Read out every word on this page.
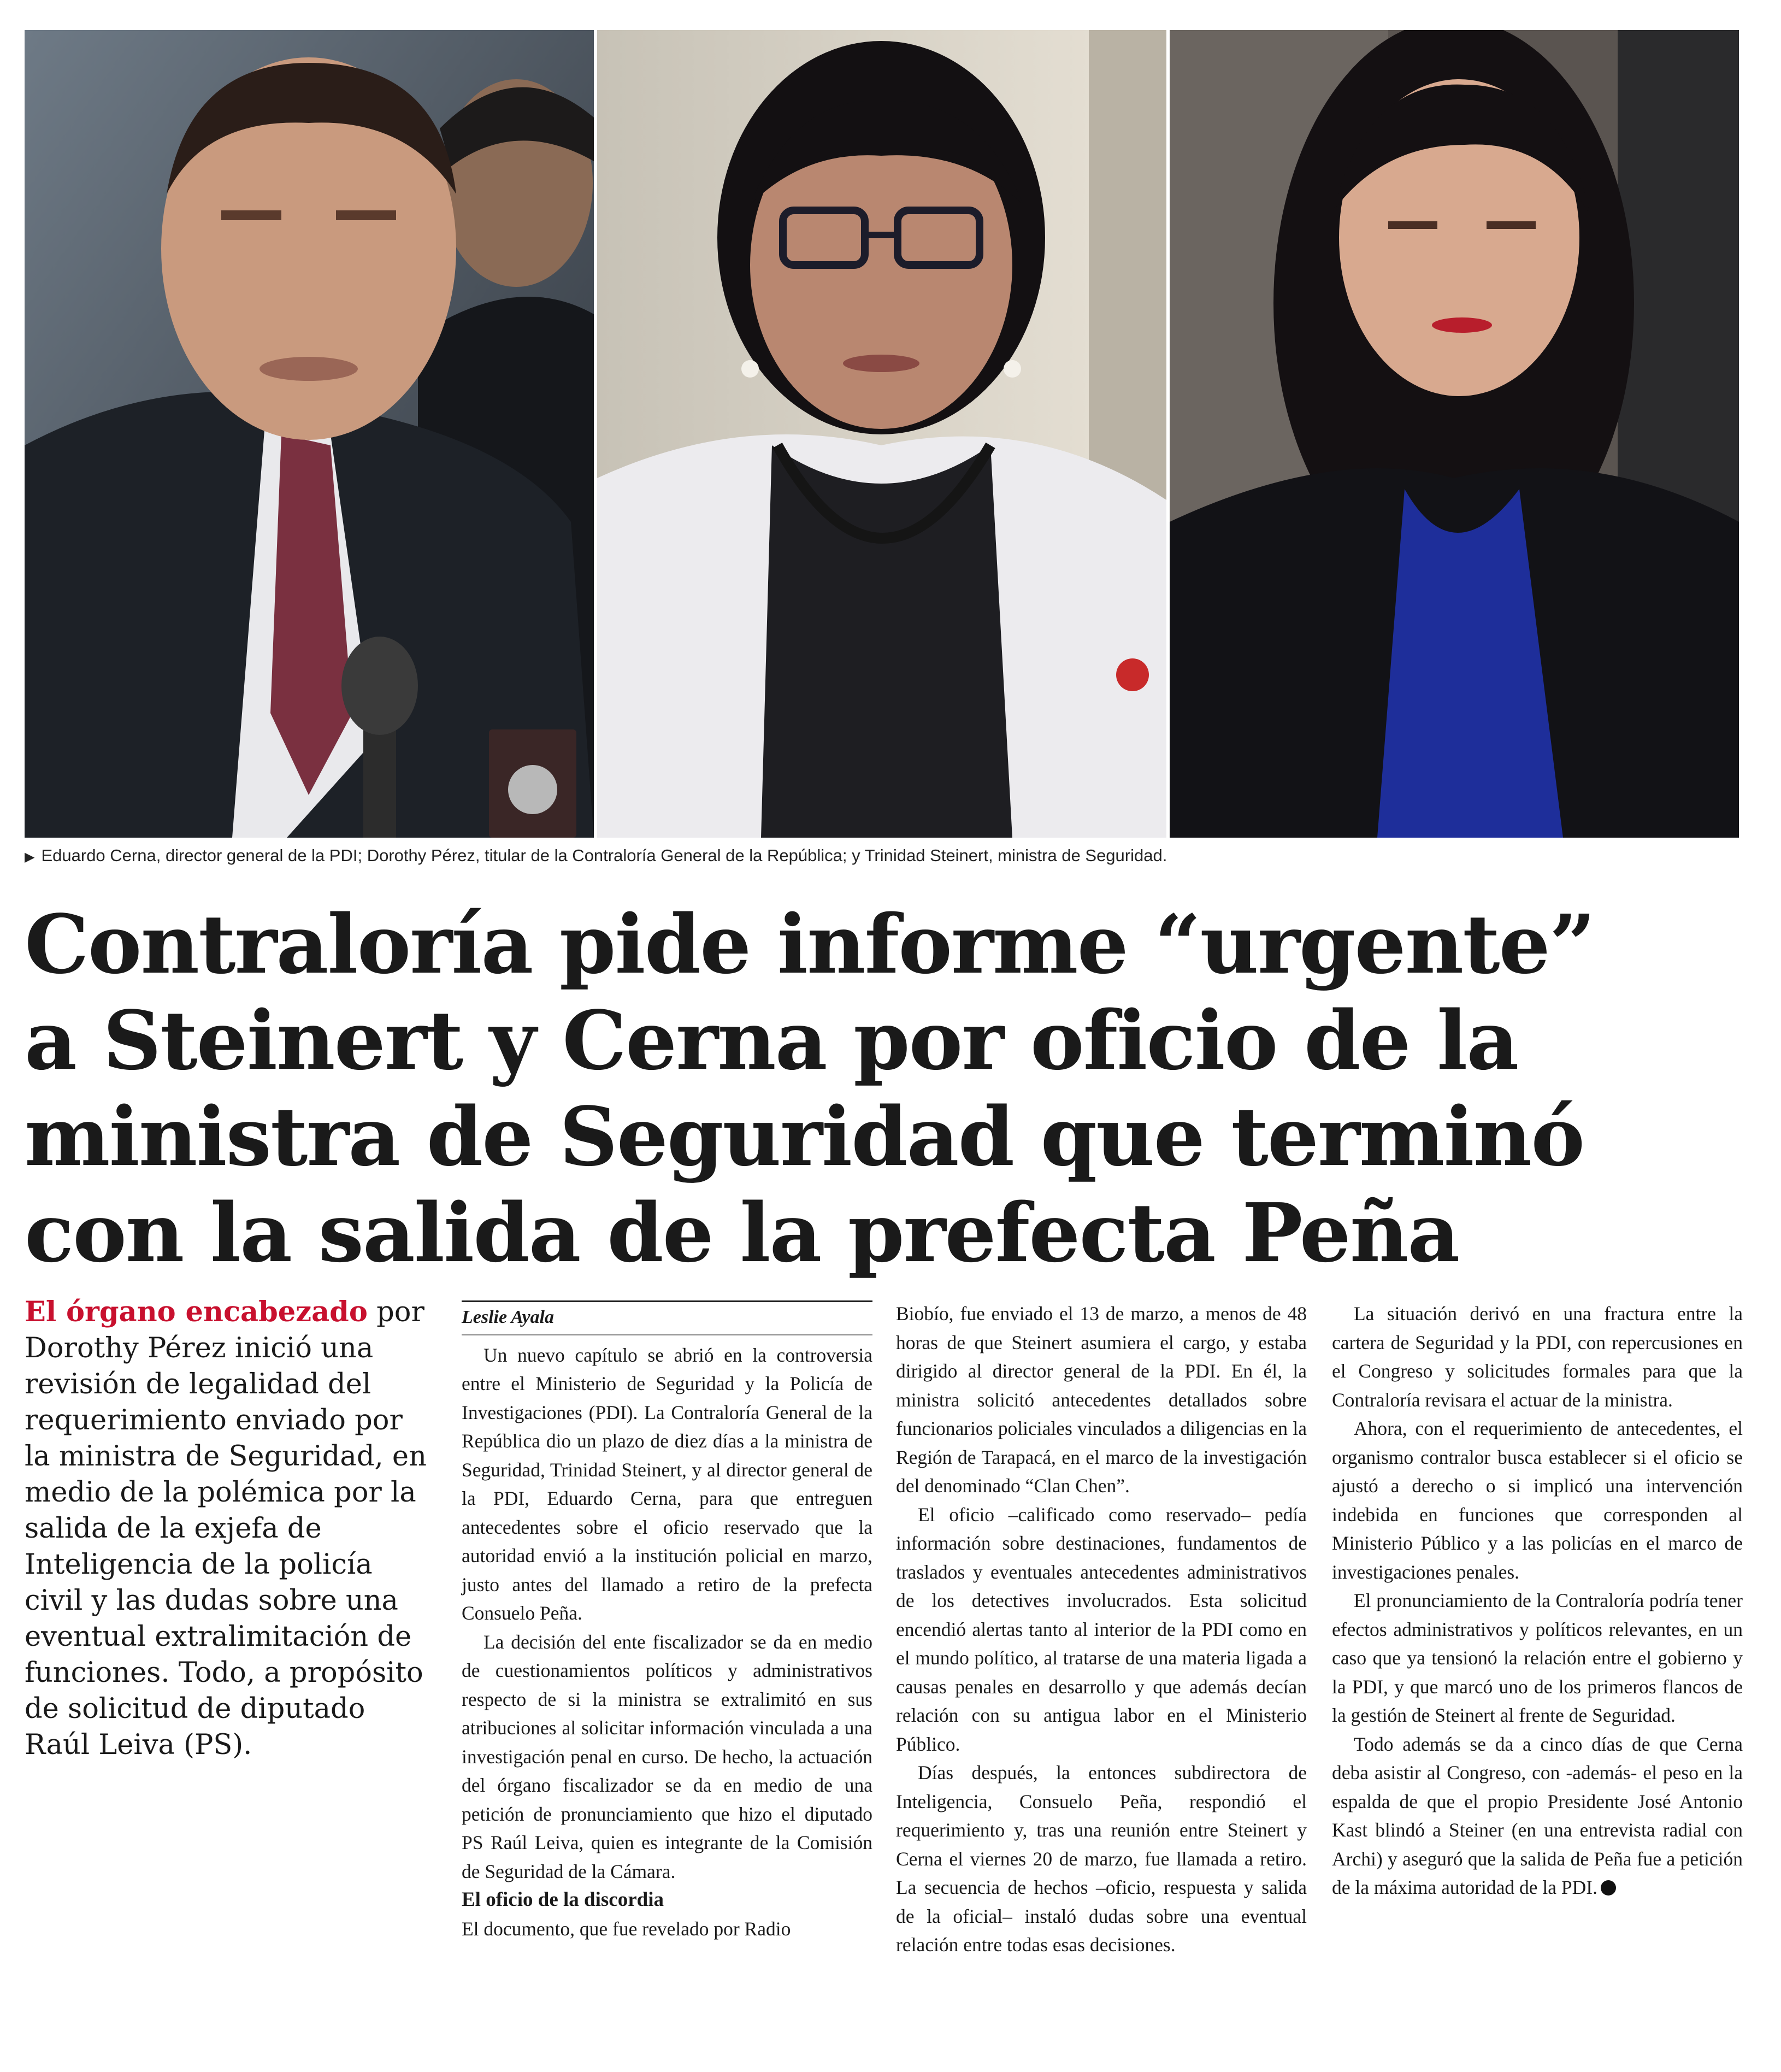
▶ Eduardo Cerna, director general de la PDI; Dorothy Pérez, titular de la Contraloría General de la República; y Trinidad Steinert, ministra de Seguridad.
Contraloría pide informe “urgente”
a Steinert y Cerna por oficio de la
ministra de Seguridad que terminó
con la salida de la prefecta Peña
El órgano encabezado por Dorothy Pérez inició una revisión de legalidad del requerimiento enviado por la ministra de Seguridad, en medio de la polémica por la salida de la exjefa de Inteligencia de la policía civil y las dudas sobre una eventual extralimitación de funciones. Todo, a propósito de solicitud de diputado Raúl Leiva (PS).
Leslie Ayala

Un nuevo capítulo se abrió en la controversia entre el Ministerio de Seguridad y la Policía de Investigaciones (PDI). La Contraloría General de la República dio un plazo de diez días a la ministra de Seguridad, Trinidad Steinert, y al director general de la PDI, Eduardo Cerna, para que entreguen antecedentes sobre el oficio reservado que la autoridad envió a la institución policial en marzo, justo antes del llamado a retiro de la prefecta Consuelo Peña.

La decisión del ente fiscalizador se da en medio de cuestionamientos políticos y administrativos respecto de si la ministra se extralimitó en sus atribuciones al solicitar información vinculada a una investigación penal en curso. De hecho, la actuación del órgano fiscalizador se da en medio de una petición de pronunciamiento que hizo el diputado PS Raúl Leiva, quien es integrante de la Comisión de Seguridad de la Cámara.

El oficio de la discordia

El documento, que fue revelado por Radio

Biobío, fue enviado el 13 de marzo, a menos de 48 horas de que Steinert asumiera el cargo, y estaba dirigido al director general de la PDI. En él, la ministra solicitó antecedentes detallados sobre funcionarios policiales vinculados a diligencias en la Región de Tarapacá, en el marco de la investigación del denominado “Clan Chen”.

El oficio –calificado como reservado– pedía información sobre destinaciones, fundamentos de traslados y eventuales antecedentes administrativos de los detectives involucrados. Esta solicitud encendió alertas tanto al interior de la PDI como en el mundo político, al tratarse de una materia ligada a causas penales en desarrollo y que además decían relación con su antigua labor en el Ministerio Público.

Días después, la entonces subdirectora de Inteligencia, Consuelo Peña, respondió el requerimiento y, tras una reunión entre Steinert y Cerna el viernes 20 de marzo, fue llamada a retiro. La secuencia de hechos –oficio, respuesta y salida de la oficial– instaló dudas sobre una eventual relación entre todas esas decisiones.

La situación derivó en una fractura entre la cartera de Seguridad y la PDI, con repercusiones en el Congreso y solicitudes formales para que la Contraloría revisara el actuar de la ministra.

Ahora, con el requerimiento de antecedentes, el organismo contralor busca establecer si el oficio se ajustó a derecho o si implicó una intervención indebida en funciones que corresponden al Ministerio Público y a las policías en el marco de investigaciones penales.

El pronunciamiento de la Contraloría podría tener efectos administrativos y políticos relevantes, en un caso que ya tensionó la relación entre el gobierno y la PDI, y que marcó uno de los primeros flancos de la gestión de Steinert al frente de Seguridad.

Todo además se da a cinco días de que Cerna deba asistir al Congreso, con -además- el peso en la espalda de que el propio Presidente José Antonio Kast blindó a Steiner (en una entrevista radial con Archi) y aseguró que la salida de Peña fue a petición de la máxima autoridad de la PDI.
